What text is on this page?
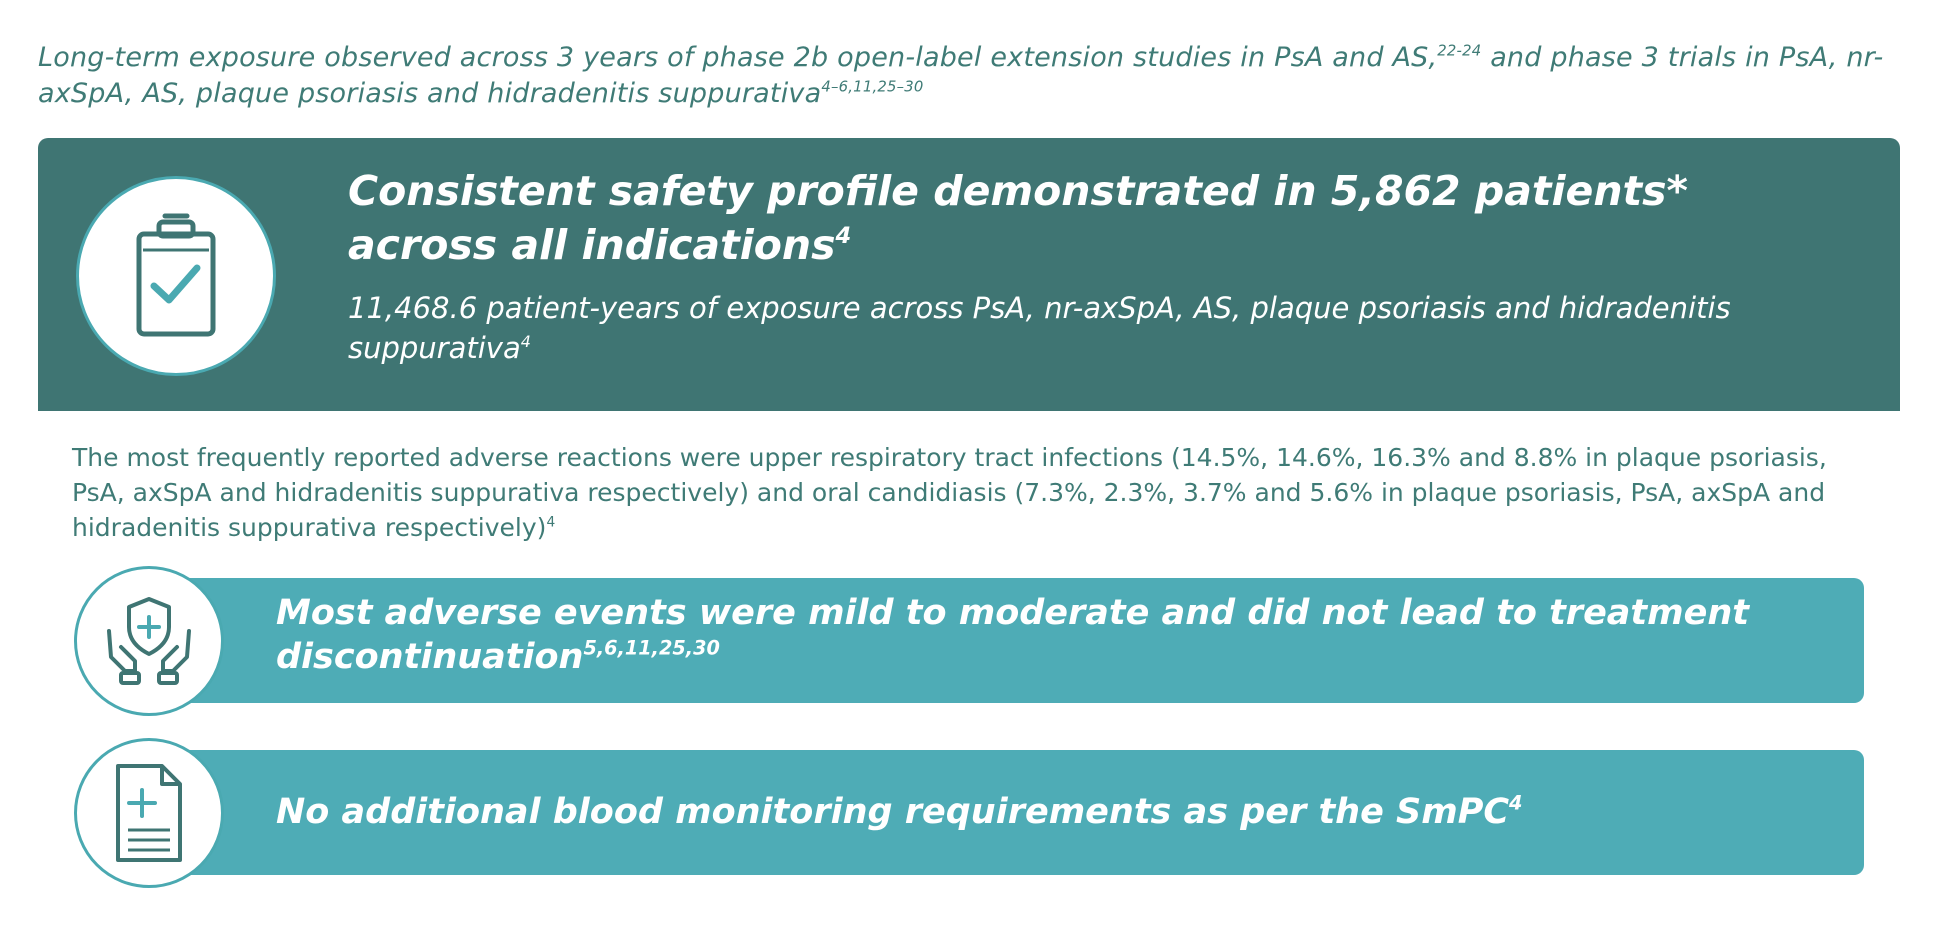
Long-term exposure observed across 3 years of phase 2b open-label extension studies in PsA and AS,$^{22-24}$ and phase 3 trials in PsA, nr-axSpA, AS, plaque psoriasis and hidradenitis suppurativa$^{4-6,11,25-30}$
Consistent safety profile demonstrated in 5,862 patients* across all indications$^4$
11,468.6 patient-years of exposure across PsA, nr-axSpA, AS, plaque psoriasis and hidradenitis suppurativa$^4$
The most frequently reported adverse reactions were upper respiratory tract infections (14.5%, 14.6%, 16.3% and 8.8% in plaque psoriasis, PsA, axSpA and hidradenitis suppurativa respectively) and oral candidiasis (7.3%, 2.3%, 3.7% and 5.6% in plaque psoriasis, PsA, axSpA and hidradenitis suppurativa respectively)$^4$
Most adverse events were mild to moderate and did not lead to treatment discontinuation$^{5,6,11,25,30}$
No additional blood monitoring requirements as per the SmPC$^4$
